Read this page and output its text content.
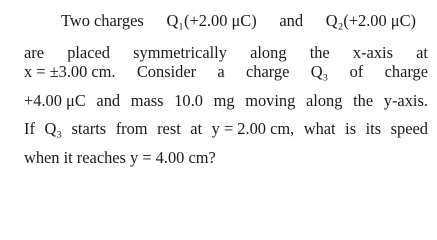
Two charges Q₁(+2.00 μC) and Q₂(+2.00 μC)
are placed symmetrically along the x-axis at
x = ±3.00 cm. Consider a charge Q₃ of charge
+4.00 μC and mass 10.0 mg moving along the y-axis.
If Q₃ starts from rest at y = 2.00 cm, what is its speed
when it reaches y = 4.00 cm?
